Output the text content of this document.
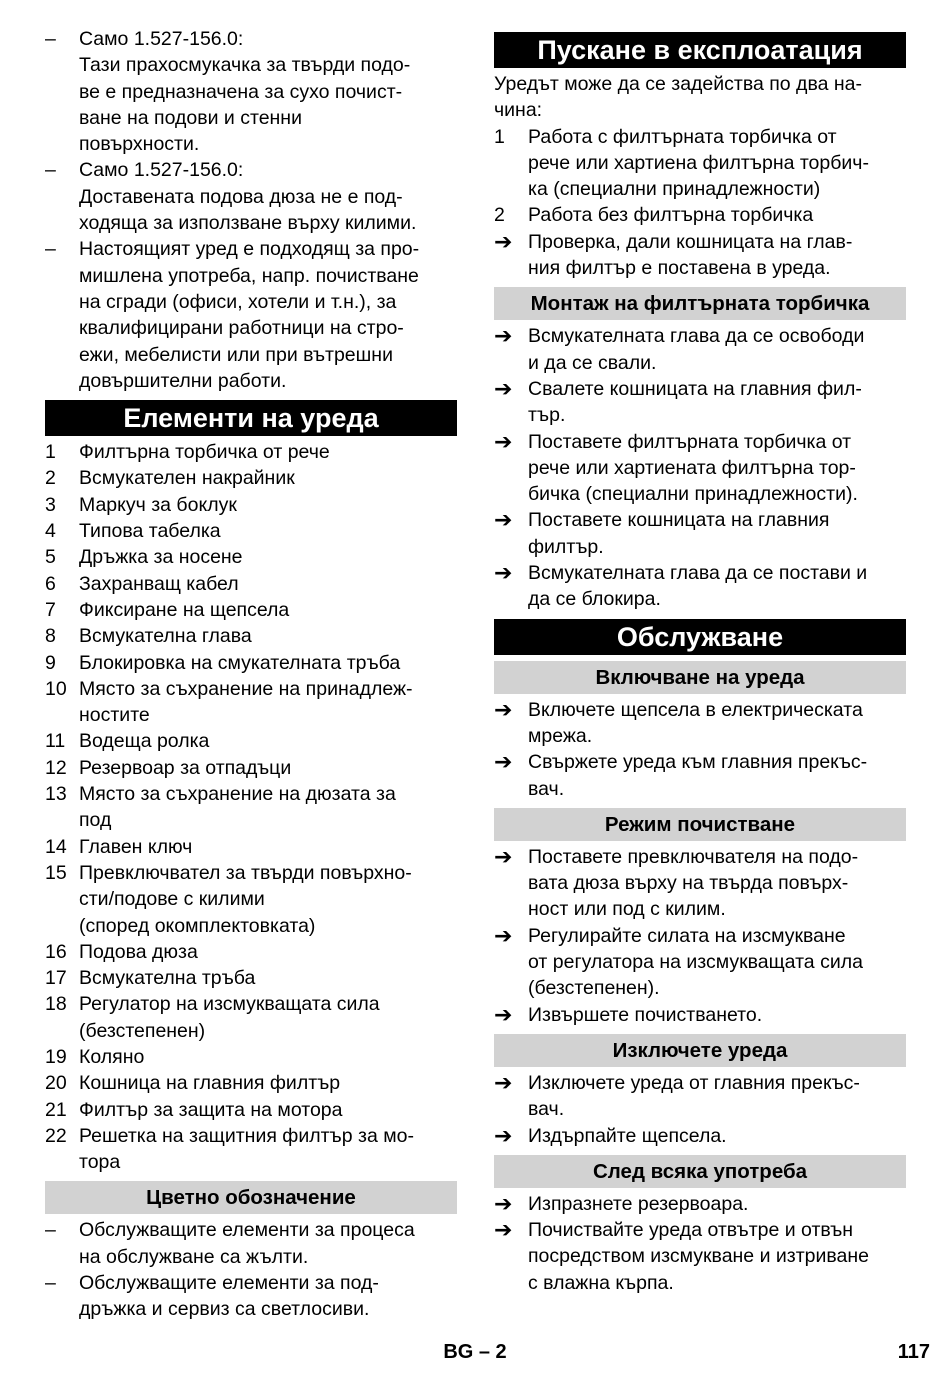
–	Само 1.527-156.0:
Тази прахосмукачка за твърди подо-
ве е предназначена за сухо почист-
ване на подови и стенни
повърхности.
–	Само 1.527-156.0:
Доставената подова дюза не е под-
ходяща за използване върху килими.
–	Настоящият уред е подходящ за про-
мишлена употреба, напр. почистване
на сгради (офиси, хотели и т.н.), за
квалифицирани работници на стро-
ежи, мебелисти или при вътрешни
довършителни работи.
Елементи на уреда
1	Филтърна торбичка от рече
2	Всмукателен накрайник
3	Маркуч за боклук
4	Типова табелка
5	Дръжка за носене
6	Захранващ кабел
7	Фиксиране на щепсела
8	Всмукателна глава
9	Блокировка на смукателната тръба
10 Място за съхранение на принадлеж-
ностите
11 Водеща ролка
12 Резервоар за отпадъци
13 Място за съхранение на дюзата за
под
14 Главен ключ
15 Превключвател за твърди повърхно-
сти/подове с килими
(според окомплектовката)
16 Подова дюза
17 Всмукателна тръба
18 Регулатор на изсмукващата сила
(безстепенен)
19 Коляно
20 Кошница на главния филтър
21 Филтър за защита на мотора
22 Решетка на защитния филтър за мо-
тора
Цветно обозначение
–	Обслужващите елементи за процеса
на обслужване са жълти.
–	Обслужващите елементи за под-
дръжка и сервиз са светлосиви.
Пускане в експлоатация
Уредът може да се задейства по два на-
чина:
1	Работа с филтърната торбичка от
рече или хартиена филтърна торбич-
ка (специални принадлежности)
2	Работа без филтърна торбичка
➔ Проверка, дали кошницата на глав-
ния филтър е поставена в уреда.
Монтаж на филтърната торбичка
➔ Всмукателната глава да се освободи
и да се свали.
➔ Свалете кошницата на главния фил-
тър.
➔ Поставете филтърната торбичка от
рече или хартиената филтърна тор-
бичка (специални принадлежности).
➔ Поставете кошницата на главния
филтър.
➔ Всмукателната глава да се постави и
да се блокира.
Обслужване
Включване на уреда
➔ Включете щепсела в електрическата
мрежа.
➔ Свържете уреда към главния прекъс-
вач.
Режим почистване
➔ Поставете превключвателя на подо-
вата дюза върху на твърда повърх-
ност или под с килим.
➔ Регулирайте силата на изсмукване
от регулатора на изсмукващата сила
(безстепенен).
➔ Извършете почистването.
Изключете уреда
➔ Изключете уреда от главния прекъс-
вач.
➔ Издърпайте щепсела.
След всяка употреба
➔ Изпразнете резервоара.
➔ Почиствайте уреда отвътре и отвън
посредством изсмукване и изтриване
с влажна кърпа.
BG – 2	117
